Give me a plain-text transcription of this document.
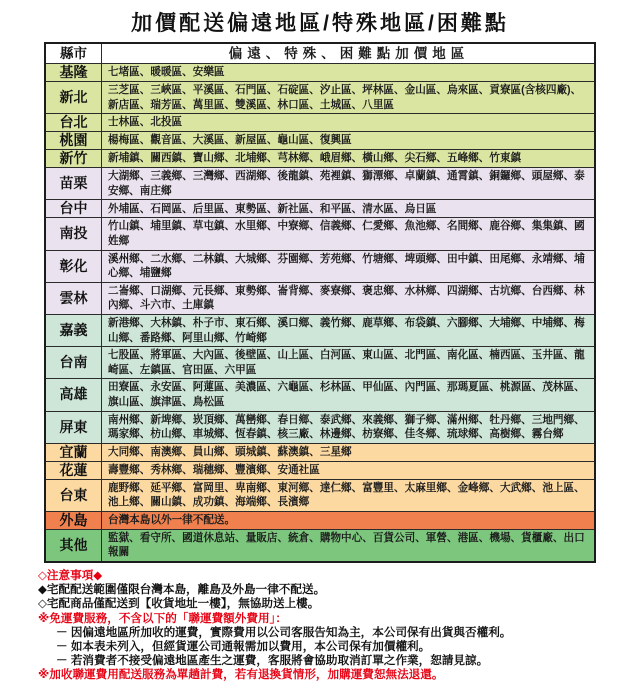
加價配送偏遠地區/特殊地區/困難點
縣市	偏遠、特殊、困難點加價地區
基隆	七堵區、暖暖區、安樂區
新北	三芝區、三峽區、平溪區、石門區、石碇區、汐止區、坪林區、金山區、烏來區、貢寮區(含核四廠)、新店區、瑞芳區、萬里區、雙溪區、林口區、土城區、八里區
台北	士林區、北投區
桃園	楊梅區、觀音區、大溪區、新屋區、龜山區、復興區
新竹	新埔鎮、關西鎮、寶山鄉、北埔鄉、芎林鄉、峨眉鄉、橫山鄉、尖石鄉、五峰鄉、竹東鎮
苗栗	大湖鄉、三義鄉、三灣鄉、西湖鄉、後龍鎮、苑裡鎮、獅潭鄉、卓蘭鎮、通霄鎮、銅鑼鄉、頭屋鄉、泰安鄉、南庄鄉
台中	外埔區、石岡區、后里區、東勢區、新社區、和平區、清水區、烏日區
南投	竹山鎮、埔里鎮、草屯鎮、水里鄉、中寮鄉、信義鄉、仁愛鄉、魚池鄉、名間鄉、鹿谷鄉、集集鎮、國姓鄉
彰化	溪州鄉、二水鄉、二林鎮、大城鄉、芬園鄉、芳苑鄉、竹塘鄉、埤頭鄉、田中鎮、田尾鄉、永靖鄉、埔心鄉、埔鹽鄉
雲林	二崙鄉、口湖鄉、元長鄉、東勢鄉、崙背鄉、麥寮鄉、褒忠鄉、水林鄉、四湖鄉、古坑鄉、台西鄉、林內鄉、斗六市、土庫鎮
嘉義	新港鄉、大林鎮、朴子市、東石鄉、溪口鄉、義竹鄉、鹿草鄉、布袋鎮、六腳鄉、大埔鄉、中埔鄉、梅山鄉、番路鄉、阿里山鄉、竹崎鄉
台南	七股區、將軍區、大內區、後壁區、山上區、白河區、東山區、北門區、南化區、楠西區、玉井區、龍崎區、左鎮區、官田區、六甲區
高雄	田寮區、永安區、阿蓮區、美濃區、六龜區、杉林區、甲仙區、內門區、那瑪夏區、桃源區、茂林區、旗山區、旗津區、鳥松區
屏東	南州鄉、新埤鄉、崁頂鄉、萬巒鄉、春日鄉、泰武鄉、來義鄉、獅子鄉、滿州鄉、牡丹鄉、三地門鄉、瑪家鄉、枋山鄉、車城鄉、恆春鎮、核三廠、林邊鄉、枋寮鄉、佳冬鄉、琉球鄉、高樹鄉、霧台鄉
宜蘭	大同鄉、南澳鄉、員山鄉、頭城鎮、蘇澳鎮、三星鄉
花蓮	壽豐鄉、秀林鄉、瑞穗鄉、豐濱鄉、安通社區
台東	鹿野鄉、延平鄉、富岡里、卑南鄉、東河鄉、達仁鄉、富豐里、太麻里鄉、金峰鄉、大武鄉、池上區、池上鄉、關山鎮、成功鎮、海端鄉、長濱鄉
外島	台灣本島以外一律不配送。
其他	監獄、看守所、國道休息站、量販店、統倉、購物中心、百貨公司、軍營、港區、機場、貨櫃廠、出口報關
◇注意事項◆
◆宅配配送範圍僅限台灣本島，離島及外島一律不配送。
◇宅配商品僅配送到【收貨地址一樓】，無協助送上樓。
※免運費服務，不含以下的「聯運費額外費用」：
－ 因偏遠地區所加收的運費，實際費用以公司客服告知為主，本公司保有出貨與否權利。
－ 如本表未列入，但經貨運公司通報需加以費用，本公司保有加價權利。
－ 若消費者不接受偏遠地區產生之運費，客服將會協助取消訂單之作業，恕請見諒。
※加收聯運費用配送服務為單趟計費，若有退換貨情形，加購運費恕無法退還。
